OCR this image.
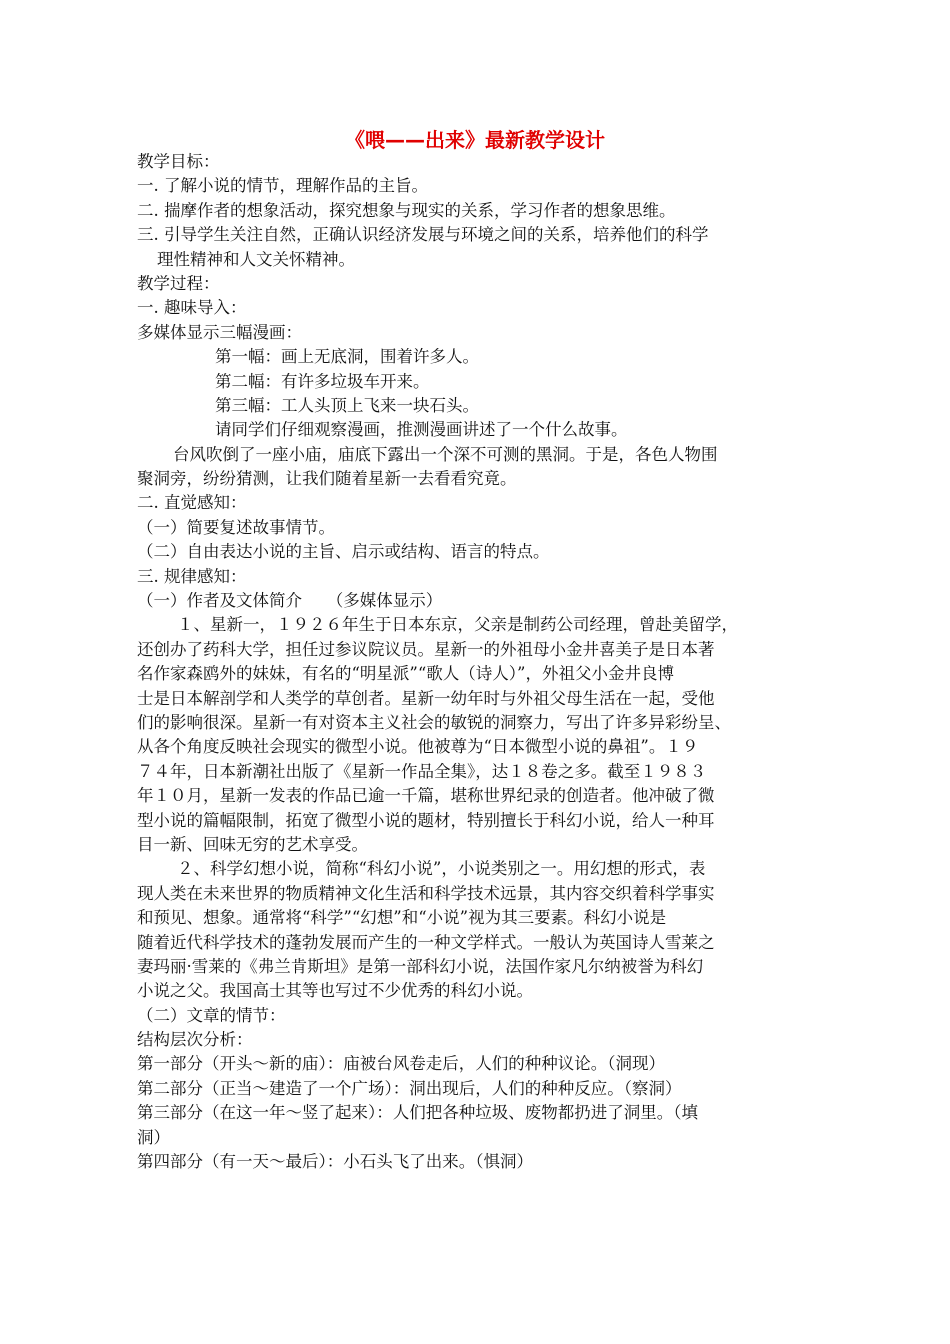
《喂——出来》最新教学设计
教学目标：
一. 了解小说的情节，理解作品的主旨。
二. 揣摩作者的想象活动，探究想象与现实的关系，学习作者的想象思维。
三. 引导学生关注自然，正确认识经济发展与环境之间的关系，培养他们的科学
理性精神和人文关怀精神。
教学过程：
一. 趣味导入：
多媒体显示三幅漫画：
第一幅：画上无底洞，围着许多人。
第二幅：有许多垃圾车开来。
第三幅：工人头顶上飞来一块石头。
请同学们仔细观察漫画，推测漫画讲述了一个什么故事。
台风吹倒了一座小庙，庙底下露出一个深不可测的黑洞。于是，各色人物围
聚洞旁，纷纷猜测，让我们随着星新一去看看究竟。
二. 直觉感知：
（一）简要复述故事情节。
（二）自由表达小说的主旨、启示或结构、语言的特点。
三. 规律感知：
（一）作者及文体简介　　（多媒体显示）
１、星新一，１９２６年生于日本东京，父亲是制药公司经理，曾赴美留学，
还创办了药科大学，担任过参议院议员。星新一的外祖母小金井喜美子是日本著
名作家森鸥外的妹妹，有名的“明星派”“歌人（诗人）”，外祖父小金井良博
士是日本解剖学和人类学的草创者。星新一幼年时与外祖父母生活在一起，受他
们的影响很深。星新一有对资本主义社会的敏锐的洞察力，写出了许多异彩纷呈、
从各个角度反映社会现实的微型小说。他被尊为“日本微型小说的鼻祖”。１９
７４年，日本新潮社出版了《星新一作品全集》，达１８卷之多。截至１９８３
年１０月，星新一发表的作品已逾一千篇，堪称世界纪录的创造者。他冲破了微
型小说的篇幅限制，拓宽了微型小说的题材，特别擅长于科幻小说，给人一种耳
目一新、回味无穷的艺术享受。
２、科学幻想小说，简称“科幻小说”，小说类别之一。用幻想的形式，表
现人类在未来世界的物质精神文化生活和科学技术远景，其内容交织着科学事实
和预见、想象。通常将“科学”“幻想”和“小说”视为其三要素。科幻小说是
随着近代科学技术的蓬勃发展而产生的一种文学样式。一般认为英国诗人雪莱之
妻玛丽·雪莱的《弗兰肯斯坦》是第一部科幻小说，法国作家凡尔纳被誉为科幻
小说之父。我国高士其等也写过不少优秀的科幻小说。
（二）文章的情节：
结构层次分析：
第一部分（开头～新的庙）：庙被台风卷走后，人们的种种议论。（洞现）
第二部分（正当～建造了一个广场）：洞出现后，人们的种种反应。（察洞）
第三部分（在这一年～竖了起来）：人们把各种垃圾、废物都扔进了洞里。（填
洞）
第四部分（有一天～最后）：小石头飞了出来。（惧洞）
